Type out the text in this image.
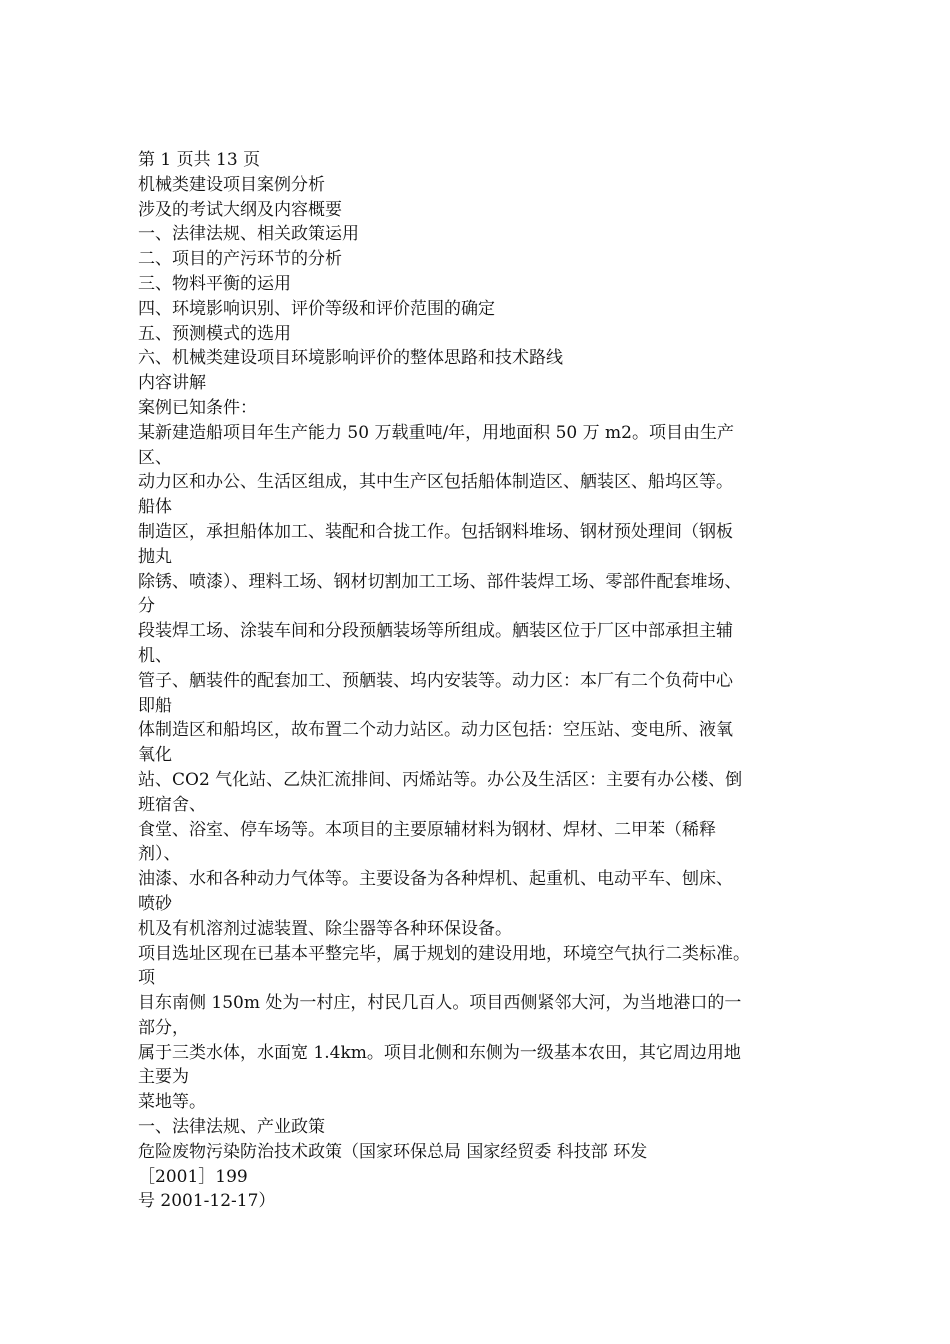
第 1 页共 13 页
机械类建设项目案例分析
涉及的考试大纲及内容概要
一、法律法规、相关政策运用
二、项目的产污环节的分析
三、物料平衡的运用
四、环境影响识别、评价等级和评价范围的确定
五、预测模式的选用
六、机械类建设项目环境影响评价的整体思路和技术路线
内容讲解
案例已知条件：
某新建造船项目年生产能力 50 万载重吨/年，用地面积 50 万 m2。项目由生产
区、
动力区和办公、生活区组成，其中生产区包括船体制造区、舾装区、船坞区等。
船体
制造区，承担船体加工、装配和合拢工作。包括钢料堆场、钢材预处理间（钢板
抛丸
除锈、喷漆）、理料工场、钢材切割加工工场、部件装焊工场、零部件配套堆场、
分
段装焊工场、涂装车间和分段预舾装场等所组成。舾装区位于厂区中部承担主辅
机、
管子、舾装件的配套加工、预舾装、坞内安装等。动力区：本厂有二个负荷中心
即船
体制造区和船坞区，故布置二个动力站区。动力区包括：空压站、变电所、液氧
氧化
站、CO2 气化站、乙炔汇流排间、丙烯站等。办公及生活区：主要有办公楼、倒
班宿舍、
食堂、浴室、停车场等。本项目的主要原辅材料为钢材、焊材、二甲苯（稀释
剂）、
油漆、水和各种动力气体等。主要设备为各种焊机、起重机、电动平车、刨床、
喷砂
机及有机溶剂过滤装置、除尘器等各种环保设备。
项目选址区现在已基本平整完毕，属于规划的建设用地，环境空气执行二类标准。
项
目东南侧 150m 处为一村庄，村民几百人。项目西侧紧邻大河，为当地港口的一
部分，
属于三类水体，水面宽 1.4km。项目北侧和东侧为一级基本农田，其它周边用地
主要为
菜地等。
一、法律法规、产业政策
危险废物污染防治技术政策（国家环保总局 国家经贸委 科技部 环发
［2001］199
号 2001-12-17）
